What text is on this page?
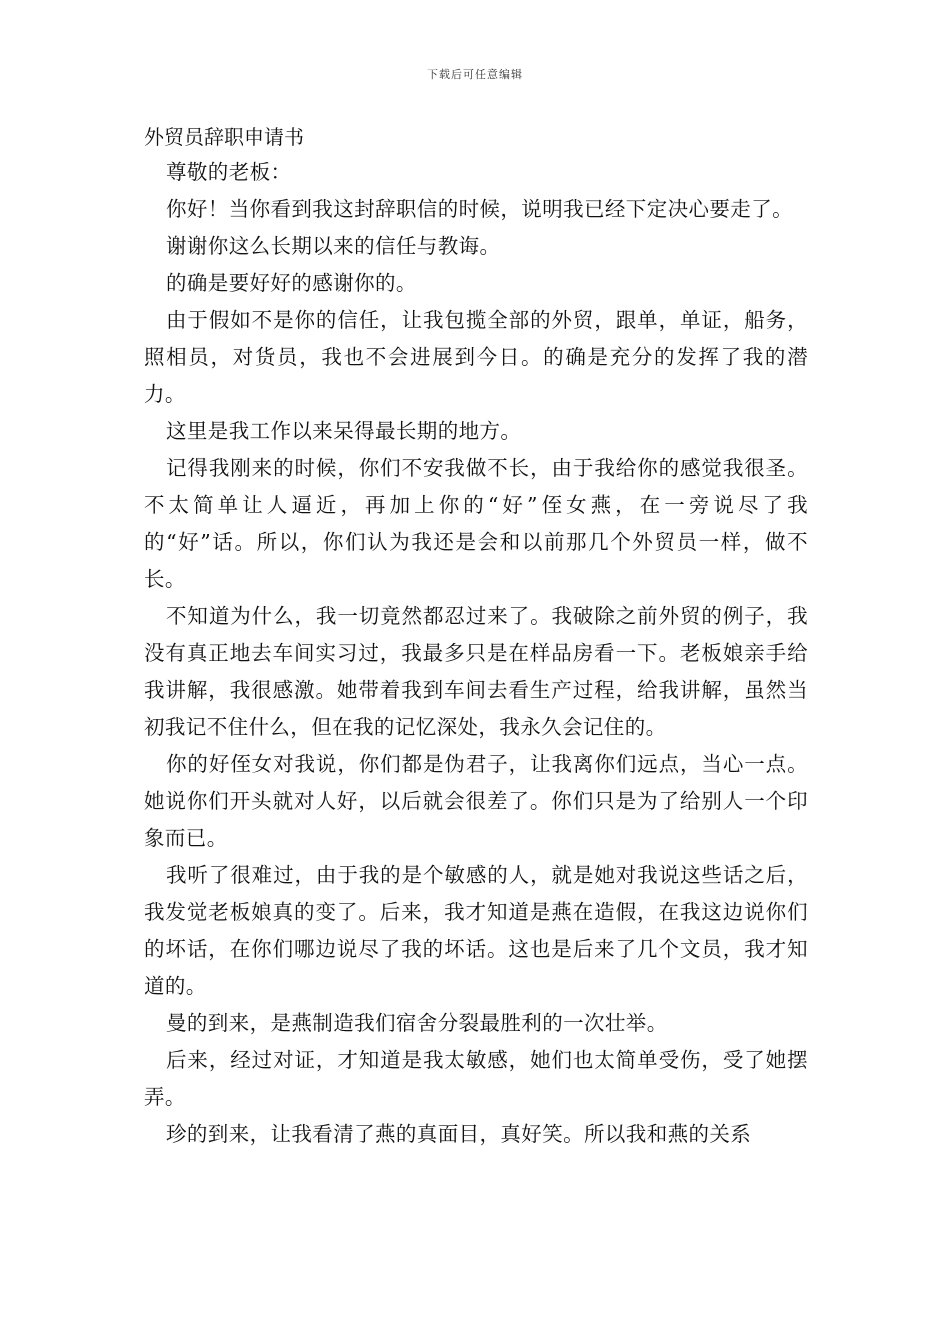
下载后可任意编辑
外贸员辞职申请书

尊敬的老板：

你好！当你看到我这封辞职信的时候，说明我已经下定决心要走了。

谢谢你这么长期以来的信任与教诲。

的确是要好好的感谢你的。

由于假如不是你的信任，让我包揽全部的外贸，跟单，单证，船务，照相员，对货员，我也不会进展到今日。的确是充分的发挥了我的潜力。

这里是我工作以来呆得最长期的地方。

记得我刚来的时候，你们不安我做不长，由于我给你的感觉我很圣。不太简单让人逼近，再加上你的“好”侄女燕，在一旁说尽了我的“好”话。所以，你们认为我还是会和以前那几个外贸员一样，做不长。

不知道为什么，我一切竟然都忍过来了。我破除之前外贸的例子，我没有真正地去车间实习过，我最多只是在样品房看一下。老板娘亲手给我讲解，我很感激。她带着我到车间去看生产过程，给我讲解，虽然当初我记不住什么，但在我的记忆深处，我永久会记住的。

你的好侄女对我说，你们都是伪君子，让我离你们远点，当心一点。她说你们开头就对人好，以后就会很差了。你们只是为了给别人一个印象而已。

我听了很难过，由于我的是个敏感的人，就是她对我说这些话之后，我发觉老板娘真的变了。后来，我才知道是燕在造假，在我这边说你们的坏话，在你们哪边说尽了我的坏话。这也是后来了几个文员，我才知道的。

曼的到来，是燕制造我们宿舍分裂最胜利的一次壮举。

后来，经过对证，才知道是我太敏感，她们也太简单受伤，受了她摆弄。

珍的到来，让我看清了燕的真面目，真好笑。所以我和燕的关系
